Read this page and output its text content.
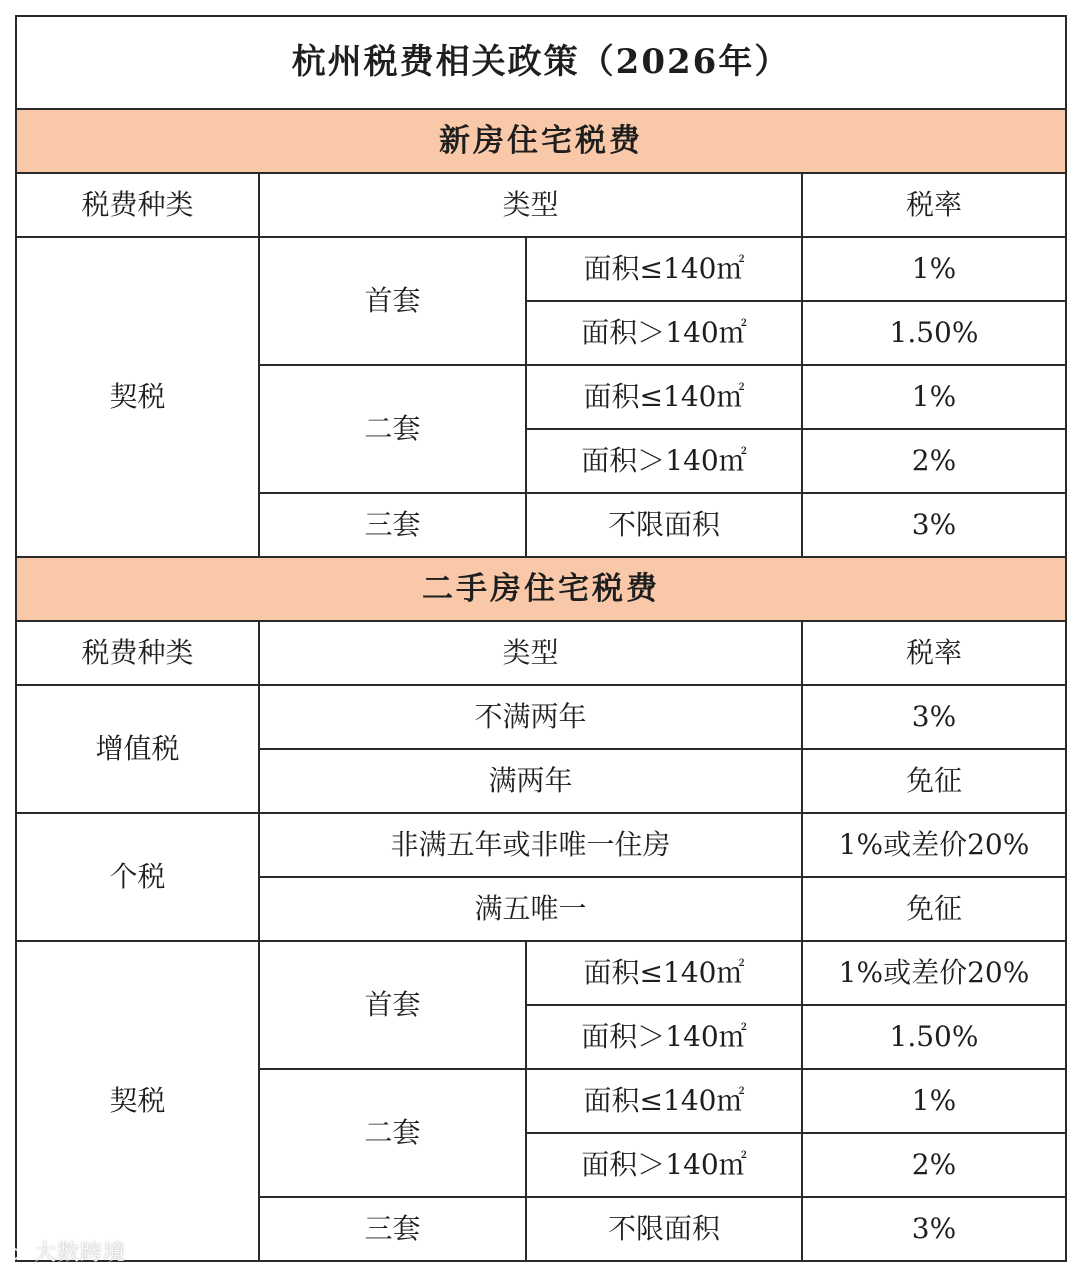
杭州税费相关政策（2026年）			
新房住宅税费			
税费种类	类型		税率
契税	首套	面积≤140㎡	1%
		面积＞140㎡	1.50%
	二套	面积≤140㎡	1%
		面积＞140㎡	2%
	三套	不限面积	3%
二手房住宅税费			
税费种类	类型		税率
增值税	不满两年		3%
	满两年		免征
个税	非满五年或非唯一住房		1%或差价20%
	满五唯一		免征
契税	首套	面积≤140㎡	1%或差价20%
		面积＞140㎡	1.50%
	二套	面积≤140㎡	1%
		面积＞140㎡	2%
	三套	不限面积	3%
大数跨境
